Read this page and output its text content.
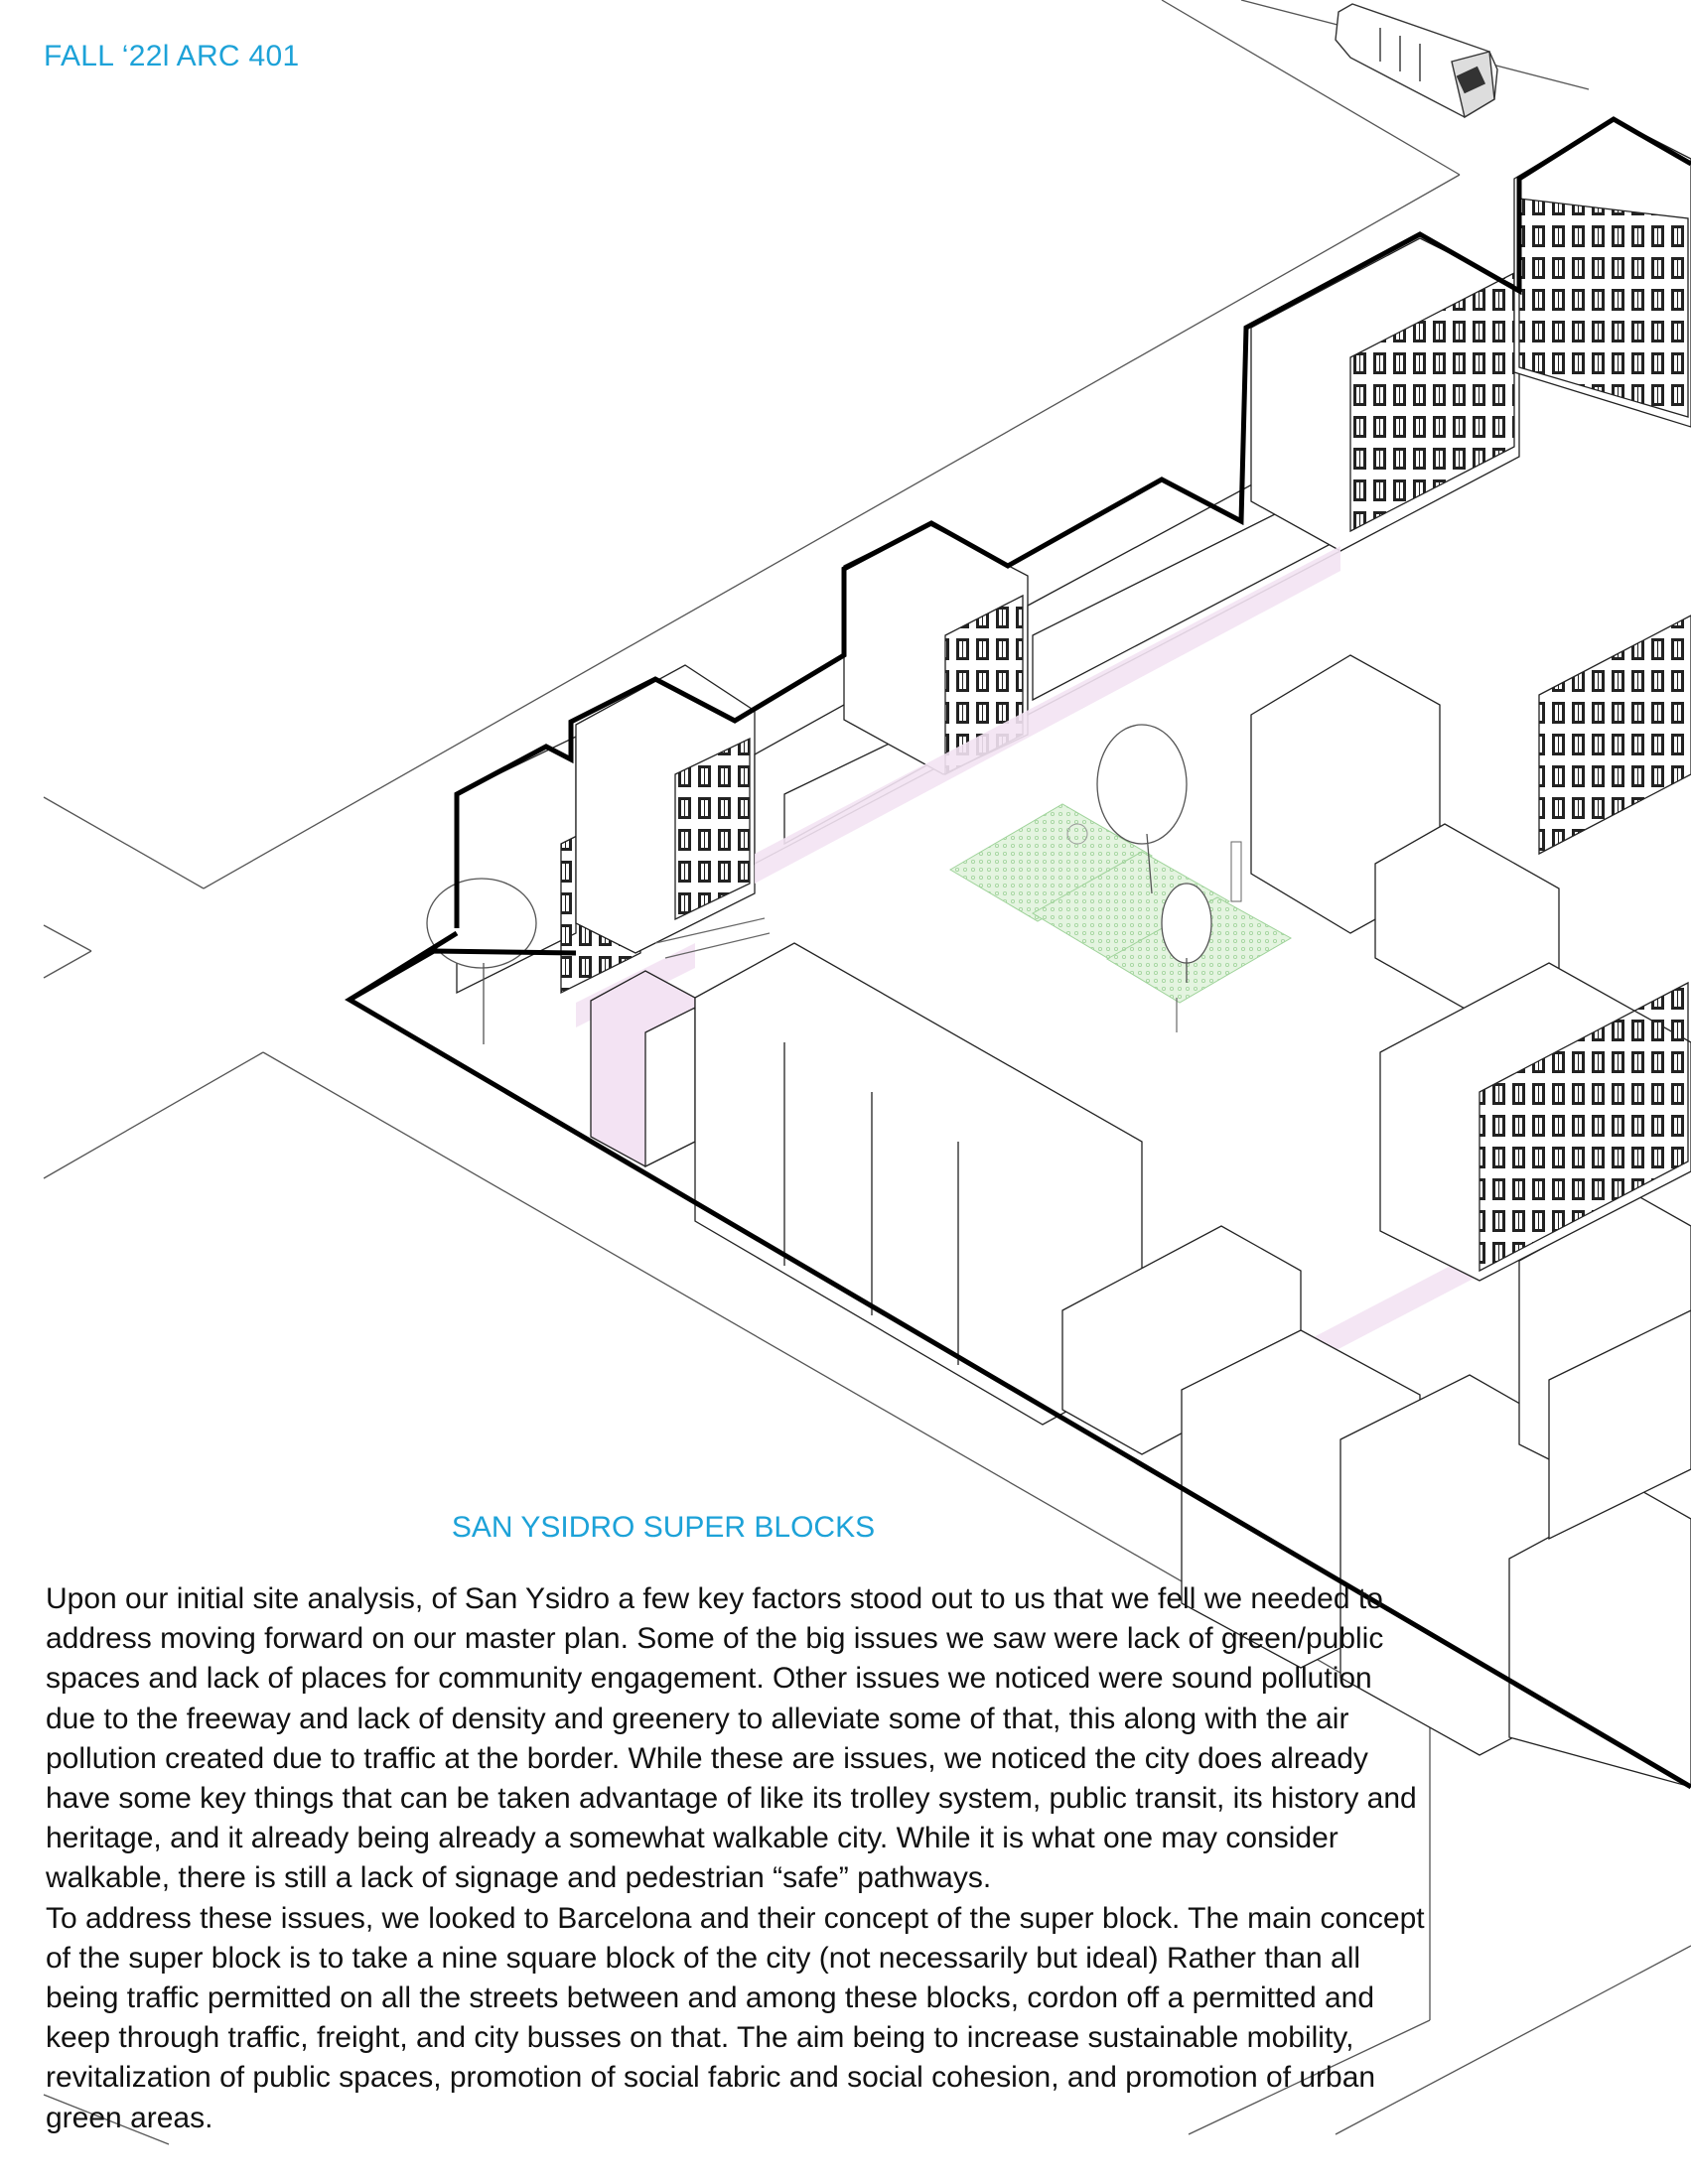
FALL ‘22l ARC 401
SAN YSIDRO SUPER BLOCKS

Upon our initial site analysis, of San Ysidro a few key factors stood out to us that we fell we needed to address moving forward on our master plan. Some of the big issues we saw were lack of green/public spaces and lack of places for community engagement. Other issues we noticed were sound pollution due to the freeway and lack of density and greenery to alleviate some of that, this along with the air pollution created due to traffic at the border. While these are issues, we noticed the city does already have some key things that can be taken advantage of like its trolley system, public transit, its history and heritage, and it already being already a somewhat walkable city. While it is what one may consider walkable, there is still a lack of signage and pedestrian “safe” pathways.

To address these issues, we looked to Barcelona and their concept of the super block. The main concept of the super block is to take a nine square block of the city (not necessarily but ideal) Rather than all being traffic permitted on all the streets between and among these blocks, cordon off a permitted and keep through traffic, freight, and city busses on that. The aim being to increase sustainable mobility, revitalization of public spaces, promotion of social fabric and social cohesion, and promotion of urban green areas.
